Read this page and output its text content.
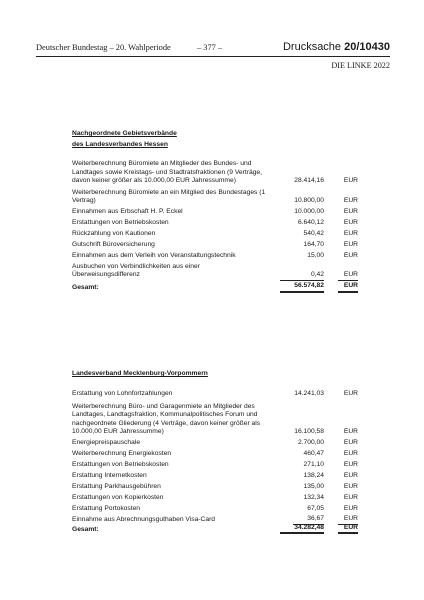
Deutscher Bundestag – 20. Wahlperiode	– 377 –	Drucksache 20/10430
DIE LINKE 2022
Nachgeordnete Gebietsverbände
des Landesverbandes Hessen
Weiterberechnung Büromiete an Mitglieder des Bundes- und Landtages sowie Kreistags- und Stadtratsfraktionen (9 Verträge, davon keiner größer als 10.000,00 EUR Jahressumme)	28.414,16	EUR
Weiterberechnung Büromiete an ein Mitglied des Bundestages (1 Vertrag)	10.800,00	EUR
Einnahmen aus Erbschaft H. P. Eckel	10.000,00	EUR
Erstattungen von Betriebskosten	6.640,12	EUR
Rückzahlung von Kautionen	540,42	EUR
Gutschrift Büroversicherung	164,70	EUR
Einnahmen aus dem Verleih von Veranstaltungstechnik	15,00	EUR
Ausbuchen von Verbindlichkeiten aus einer Überweisungsdifferenz	0,42	EUR
Gesamt:	56.574,82	EUR
Landesverband Mecklenburg-Vorpommern
Erstattung von Lohnfortzahlungen	14.241,03	EUR
Weiterberechnung Büro- und Garagenmiete an Mitglieder des Landtages, Landtagsfraktion, Kommunalpolitisches Forum und nachgeordnete Gliederung (4 Verträge, davon keiner größer als 10.000,00 EUR Jahressumme)	16.100,58	EUR
Energiepreispauschale	2.700,00	EUR
Weiterberechnung Energiekosten	460,47	EUR
Erstattungen von Betriebskosten	271,10	EUR
Erstattung Internetkosten	138,24	EUR
Erstattung Parkhausgebühren	135,00	EUR
Erstattungen von Kopierkosten	132,34	EUR
Erstattung Portokosten	67,05	EUR
Einnahme aus Abrechnungsguthaben Visa-Card	36,67	EUR
Gesamt:	34.282,48	EUR
